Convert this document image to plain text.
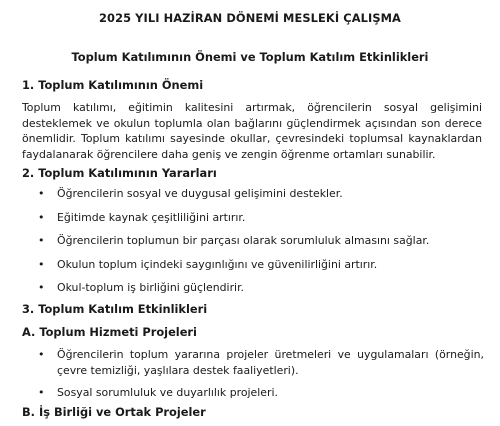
2025 YILI HAZİRAN DÖNEMİ MESLEKİ ÇALIŞMA
Toplum Katılımının Önemi ve Toplum Katılım Etkinlikleri
1. Toplum Katılımının Önemi
Toplum katılımı, eğitimin kalitesini artırmak, öğrencilerin sosyal gelişimini desteklemek ve okulun toplumla olan bağlarını güçlendirmek açısından son derece önemlidir. Toplum katılımı sayesinde okullar, çevresindeki toplumsal kaynaklardan faydalanarak öğrencilere daha geniş ve zengin öğrenme ortamları sunabilir.
2. Toplum Katılımının Yararları
• Öğrencilerin sosyal ve duygusal gelişimini destekler.
• Eğitimde kaynak çeşitliliğini artırır.
• Öğrencilerin toplumun bir parçası olarak sorumluluk almasını sağlar.
• Okulun toplum içindeki saygınlığını ve güvenilirliğini artırır.
• Okul-toplum iş birliğini güçlendirir.
3. Toplum Katılım Etkinlikleri
A. Toplum Hizmeti Projeleri
• Öğrencilerin toplum yararına projeler üretmeleri ve uygulamaları (örneğin, çevre temizliği, yaşlılara destek faaliyetleri).
• Sosyal sorumluluk ve duyarlılık projeleri.
B. İş Birliği ve Ortak Projeler
